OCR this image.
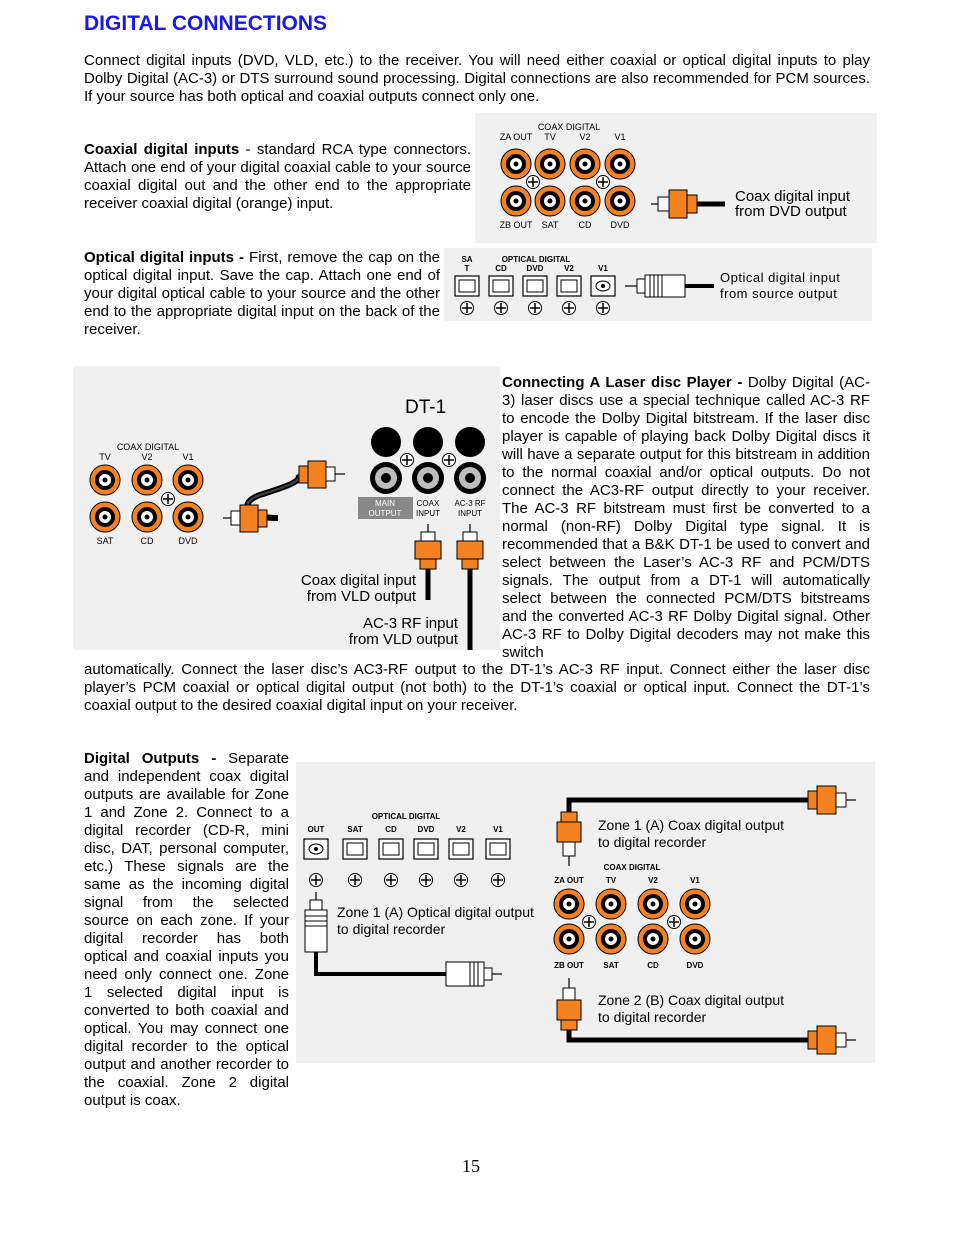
DIGITAL CONNECTIONS

Connect digital inputs (DVD, VLD, etc.) to the receiver. You will need either coaxial or optical digital inputs to play Dolby Digital (AC-3) or DTS surround sound processing. Digital connections are also recommended for PCM sources. If your source has both optical and coaxial outputs connect only one.

Coaxial digital inputs - standard RCA type connectors. Attach one end of your digital coaxial cable to your source coaxial digital out and the other end to the appropriate receiver coaxial digital (orange) input.

Optical digital inputs - First, remove the cap on the optical digital input. Save the cap. Attach one end of your digital optical cable to your source and the other end to the appropriate digital input on the back of the receiver.

Connecting A Laser disc Player - Dolby Digital (AC-3) laser discs use a special technique called AC-3 RF to encode the Dolby Digital bitstream. If the laser disc player is capable of playing back Dolby Digital discs it will have a separate output for this bitstream in addition to the normal coaxial and/or optical outputs. Do not connect the AC3-RF output directly to your receiver. The AC-3 RF bitstream must first be converted to a normal (non-RF) Dolby Digital type signal. It is recommended that a B&K DT-1 be used to convert and select between the Laser’s AC-3 RF and PCM/DTS signals. The output from a DT-1 will automatically select between the connected PCM/DTS bitstreams and the converted AC-3 RF Dolby Digital signal. Other AC-3 RF to Dolby Digital decoders may not make this switch

automatically. Connect the laser disc’s AC3-RF output to the DT-1’s AC-3 RF input. Connect either the laser disc player’s PCM coaxial or optical digital output (not both) to the DT-1’s coaxial or optical input. Connect the DT-1’s coaxial output to the desired coaxial digital input on your receiver.

Digital Outputs - Separate and independent coax digital outputs are available for Zone 1 and Zone 2. Connect to a digital recorder (CD-R, mini disc, DAT, personal computer, etc.) These signals are the same as the incoming digital signal from the selected source on each zone. If your digital recorder has both optical and coaxial inputs you need only connect one. Zone 1 selected digital input is converted to both coaxial and optical. You may connect one digital recorder to the optical output and another recorder to the coaxial. Zone 2 digital output is coax.

COAX DIGITAL
ZA OUT TV	V2	V1
ZB OUT SAT CD DVD
Coax digital input
from DVD output
OPTICAL DIGITAL
SA
T	CD DVD	V2	V1
Optical digital input
from source output
COAX DIGITAL
TV	V2	V1
SAT	CD	DVD
DT-1
MAIN
OUTPUT
COAX
INPUT
AC-3 RF
INPUT
Coax digital input
from VLD output
AC-3 RF input
from VLD output
OPTICAL DIGITAL
OUT	SAT	CD	DVD	V2	V1
Zone 1 (A) Optical digital output
to digital recorder
Zone 1 (A) Coax digital output
to digital recorder
COAX DIGITAL
ZA OUT	TV	V2	V1
ZB OUT SAT	CD	DVD
Zone 2 (B) Coax digital output
to digital recorder
15
